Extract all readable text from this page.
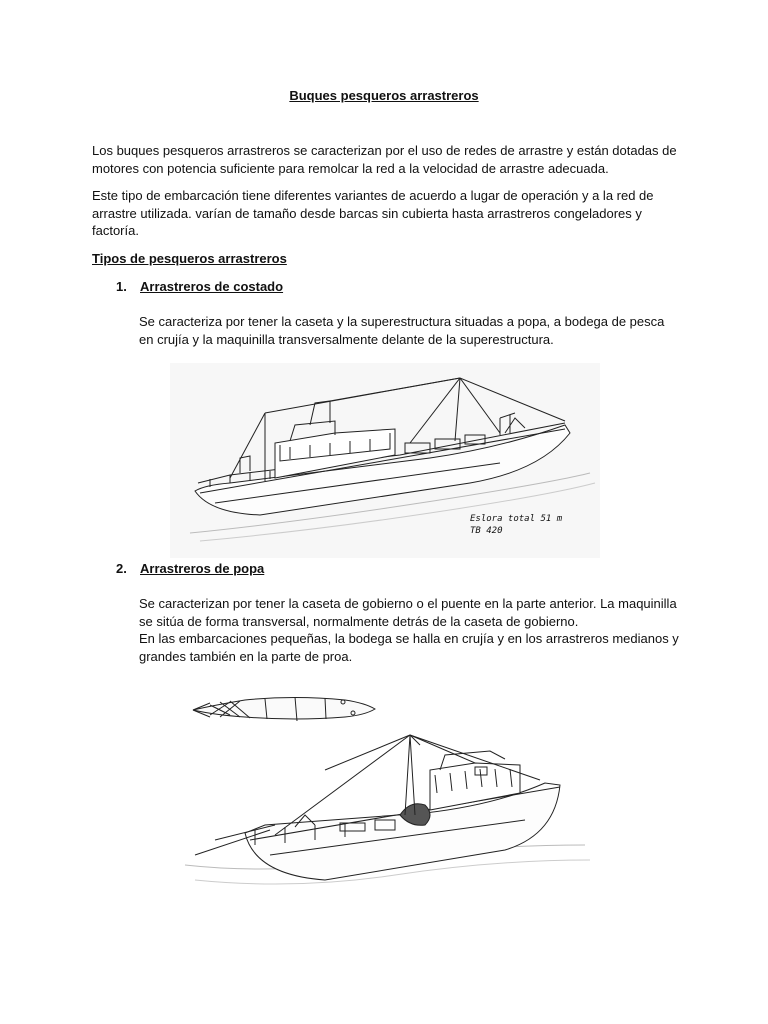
Buques pesqueros arrastreros

Los buques pesqueros arrastreros se caracterizan por el uso de redes de arrastre y están dotadas de motores con potencia suficiente para remolcar la red a la velocidad de arrastre adecuada.

Este tipo de embarcación tiene diferentes variantes de acuerdo a lugar de operación y a la red de arrastre utilizada. varían de tamaño desde barcas sin cubierta hasta arrastreros congeladores y factoría.

Tipos de pesqueros arrastreros
1. Arrastreros de costado

Se caracteriza por tener la caseta y la superestructura situadas a popa, a bodega de pesca en crujía y la maquinilla transversalmente delante de la superestructura.

Eslora total 51 m
TB 420
2. Arrastreros de popa

Se caracterizan por tener la caseta de gobierno o el puente en la parte anterior. La maquinilla se sitúa de forma transversal, normalmente detrás de la caseta de gobierno.

En las embarcaciones pequeñas, la bodega se halla en crujía y en los arrastreros medianos y grandes también en la parte de proa.
